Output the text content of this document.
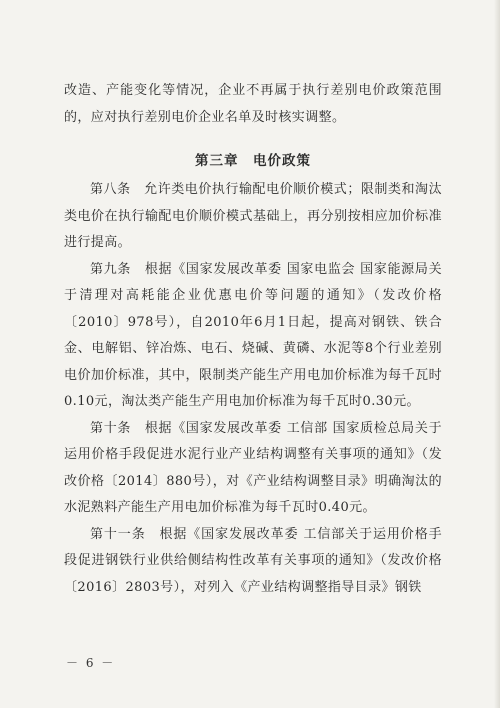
改造、产能变化等情况，企业不再属于执行差别电价政策范围的，应对执行差别电价企业名单及时核实调整。

第三章　电价政策

第八条　允许类电价执行输配电价顺价模式；限制类和淘汰类电价在执行输配电价顺价模式基础上，再分别按相应加价标准进行提高。

第九条　根据《国家发展改革委 国家电监会 国家能源局关于清理对高耗能企业优惠电价等问题的通知》（发改价格〔2010〕978号），自2010年6月1日起，提高对钢铁、铁合金、电解铝、锌冶炼、电石、烧碱、黄磷、水泥等8个行业差别电价加价标准，其中，限制类产能生产用电加价标准为每千瓦时0.10元，淘汰类产能生产用电加价标准为每千瓦时0.30元。

第十条　根据《国家发展改革委 工信部 国家质检总局关于运用价格手段促进水泥行业产业结构调整有关事项的通知》（发改价格〔2014〕880号），对《产业结构调整目录》明确淘汰的水泥熟料产能生产用电加价标准为每千瓦时0.40元。

第十一条　根据《国家发展改革委 工信部关于运用价格手段促进钢铁行业供给侧结构性改革有关事项的通知》（发改价格〔2016〕2803号），对列入《产业结构调整指导目录》钢铁

－ 6 －
